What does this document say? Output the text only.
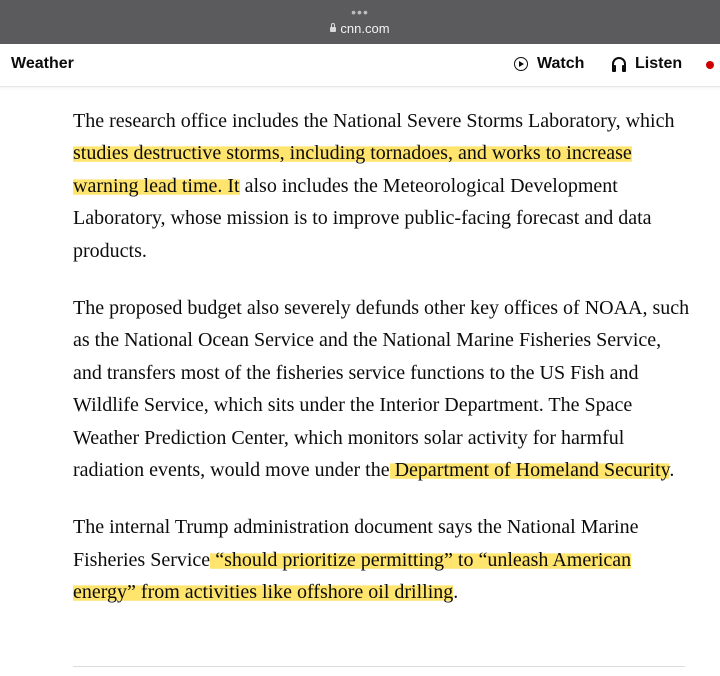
•••
cnn.com
Weather	Watch	Listen

The research office includes the National Severe Storms Laboratory, which studies destructive storms, including tornadoes, and works to increase warning lead time. It also includes the Meteorological Development Laboratory, whose mission is to improve public-facing forecast and data products.

The proposed budget also severely defunds other key offices of NOAA, such as the National Ocean Service and the National Marine Fisheries Service, and transfers most of the fisheries service functions to the US Fish and Wildlife Service, which sits under the Interior Department. The Space Weather Prediction Center, which monitors solar activity for harmful radiation events, would move under the Department of Homeland Security.

The internal Trump administration document says the National Marine Fisheries Service “should prioritize permitting” to “unleash American energy” from activities like offshore oil drilling.
